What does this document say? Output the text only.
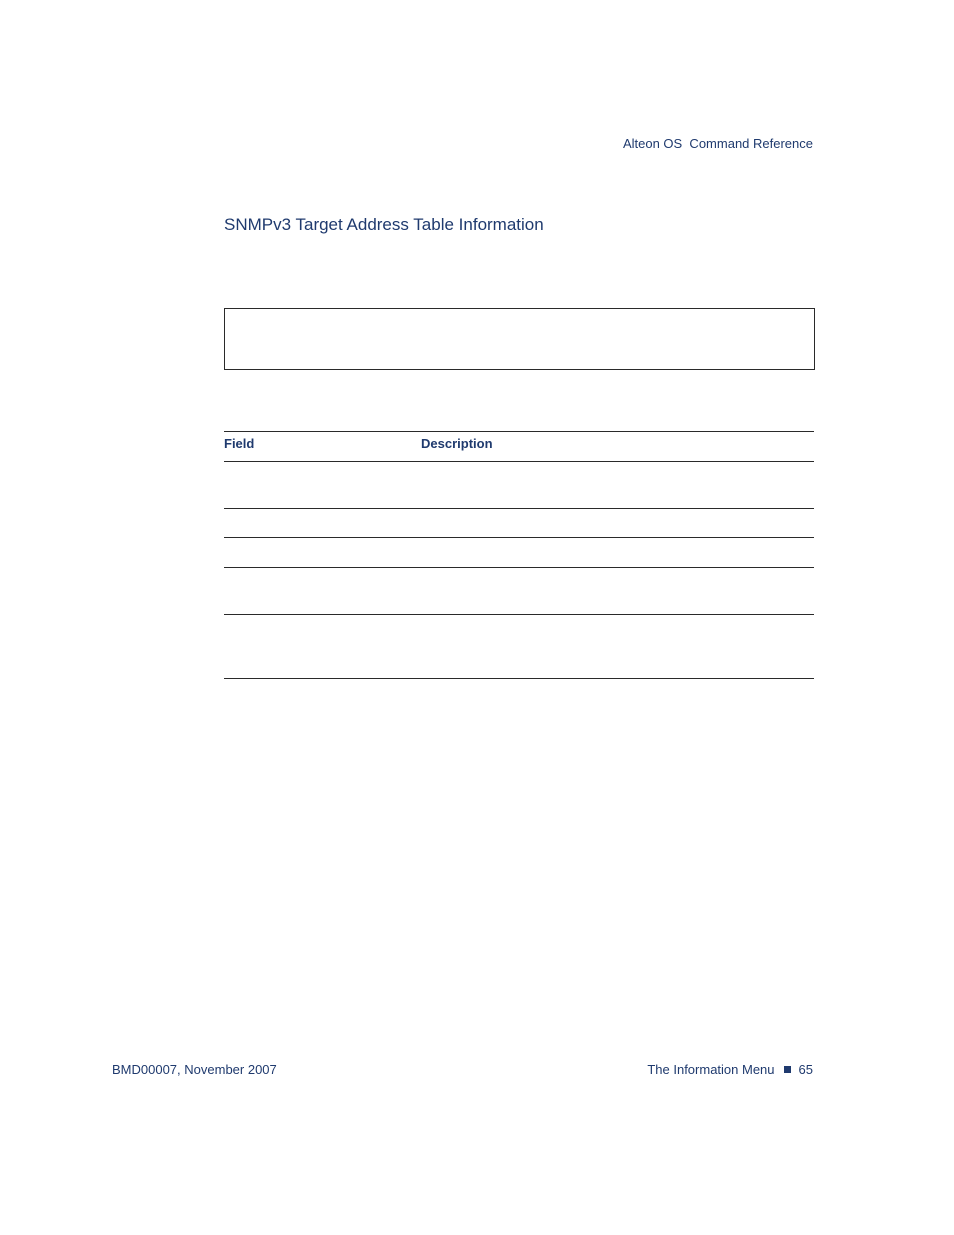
Alteon OS  Command Reference
SNMPv3 Target Address Table Information
Field	Description
BMD00007, November 2007	The Information Menu 65
